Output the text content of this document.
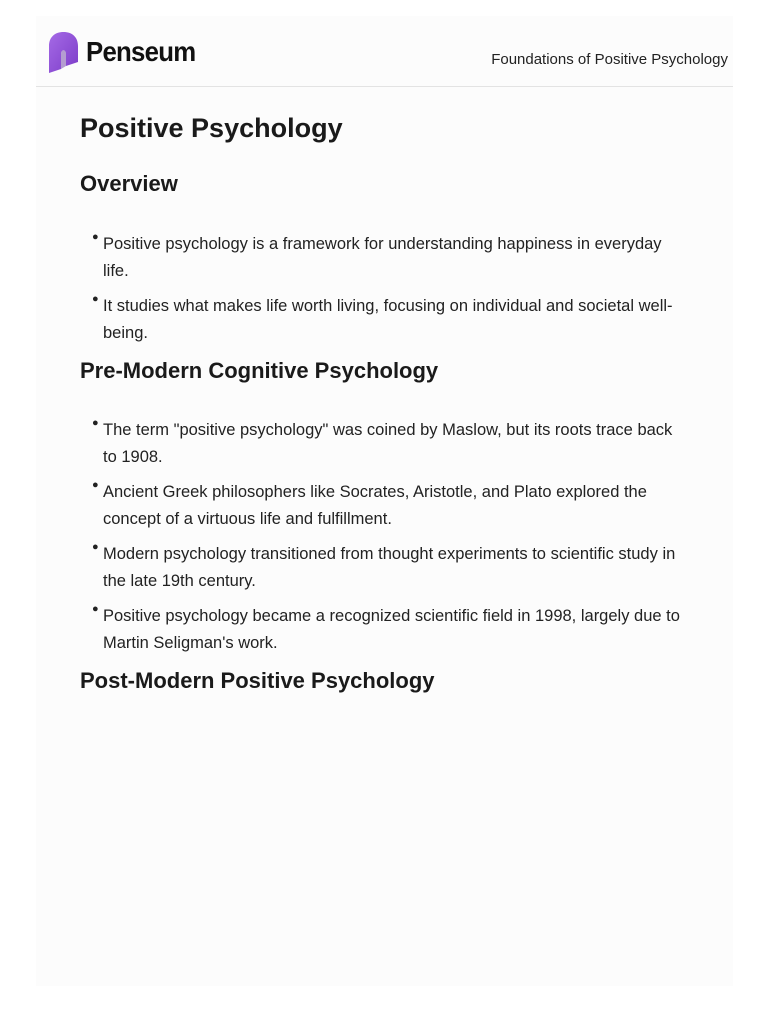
Penseum	Foundations of Positive Psychology
Positive Psychology
Overview
● Positive psychology is a framework for understanding happiness in everyday life.
● It studies what makes life worth living, focusing on individual and societal well-being.
Pre-Modern Cognitive Psychology
● The term "positive psychology" was coined by Maslow, but its roots trace back to 1908.
● Ancient Greek philosophers like Socrates, Aristotle, and Plato explored the concept of a virtuous life and fulfillment.
● Modern psychology transitioned from thought experiments to scientific study in the late 19th century.
● Positive psychology became a recognized scientific field in 1998, largely due to Martin Seligman's work.
Post-Modern Positive Psychology
